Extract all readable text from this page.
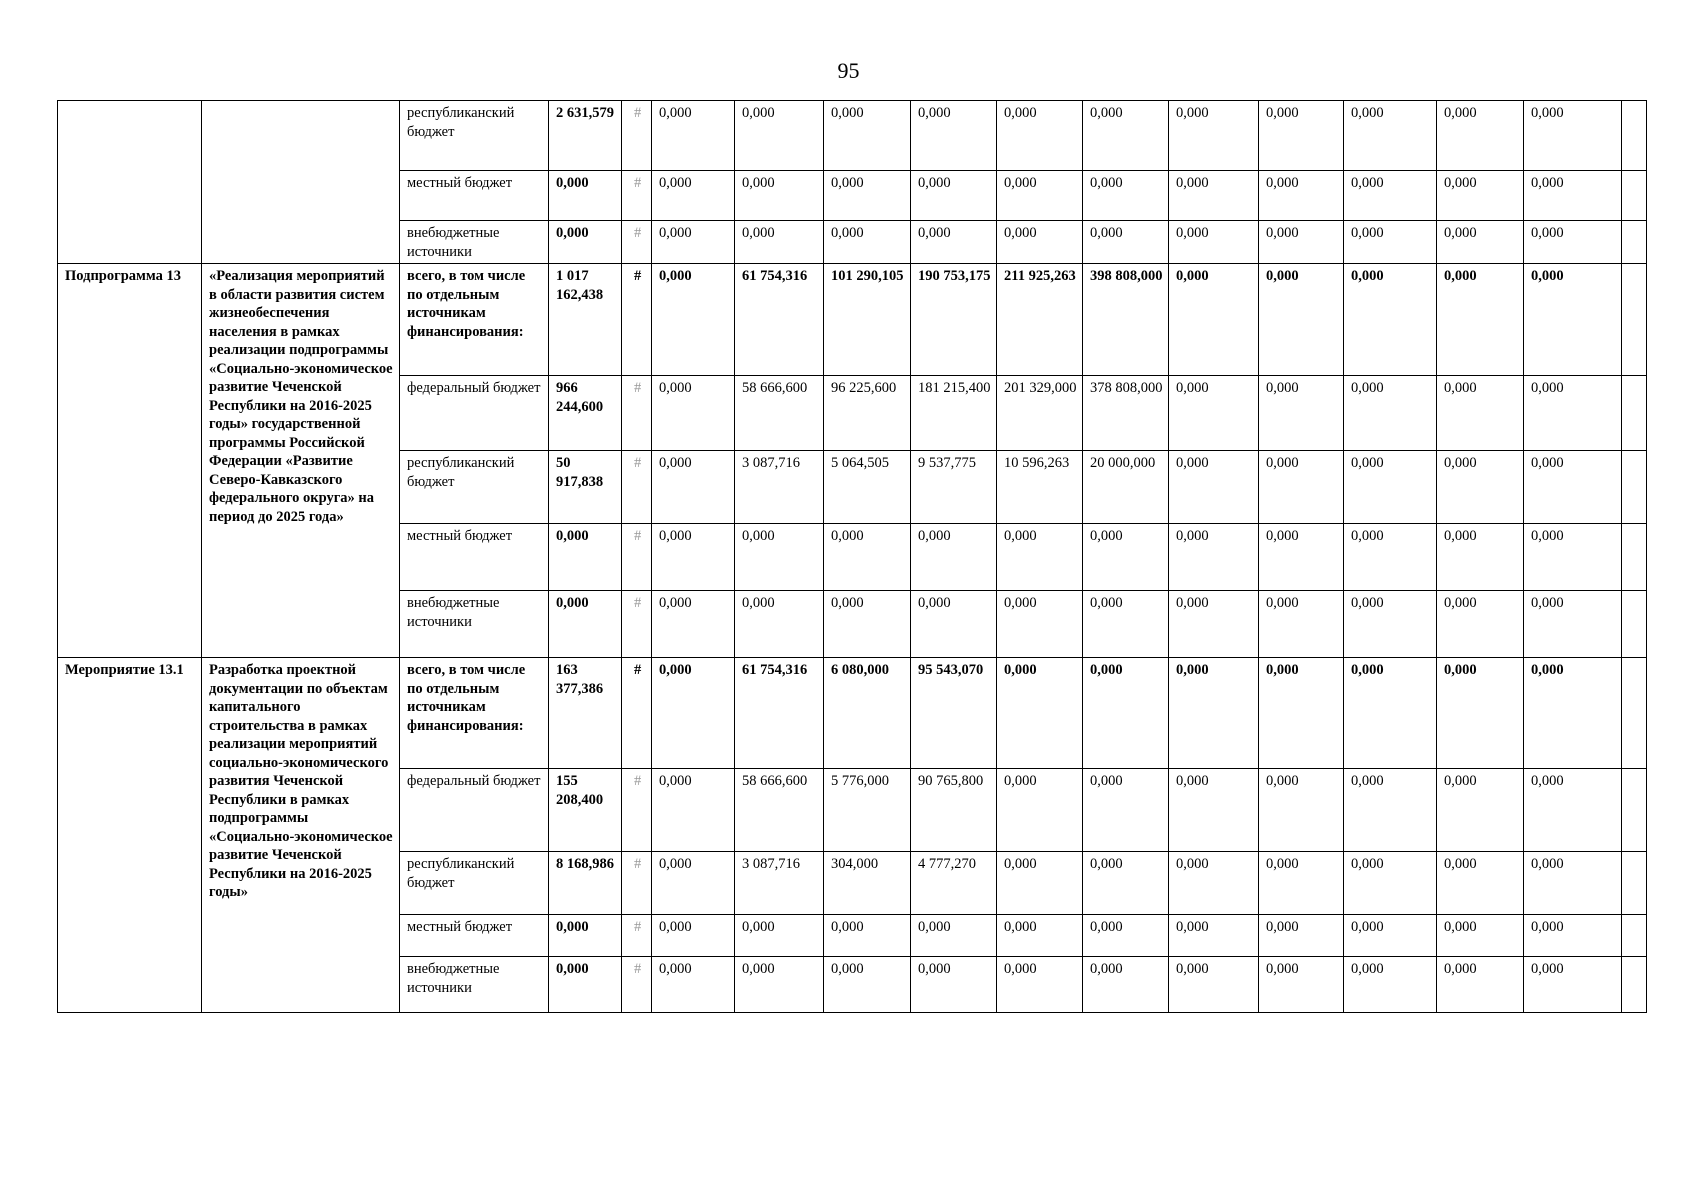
95
		республиканский бюджет	2 631,579	#	0,000	0,000	0,000	0,000	0,000	0,000	0,000	0,000	0,000	0,000	0,000	
		местный бюджет	0,000	#	0,000	0,000	0,000	0,000	0,000	0,000	0,000	0,000	0,000	0,000	0,000	
		внебюджетные источники	0,000	#	0,000	0,000	0,000	0,000	0,000	0,000	0,000	0,000	0,000	0,000	0,000	
Подпрограмма 13	«Реализация мероприятий в области развития систем жизнеобеспечения населения в рамках реализации подпрограммы «Социально-экономическое развитие Чеченской Республики на 2016-2025 годы» государственной программы Российской Федерации «Развитие Северо-Кавказского федерального округа» на период до 2025 года»	всего, в том числе по отдельным источникам финансирования:	1 017 162,438	#	0,000	61 754,316	101 290,105	190 753,175	211 925,263	398 808,000	0,000	0,000	0,000	0,000	0,000	
		федеральный бюджет	966 244,600	#	0,000	58 666,600	96 225,600	181 215,400	201 329,000	378 808,000	0,000	0,000	0,000	0,000	0,000	
		республиканский бюджет	50 917,838	#	0,000	3 087,716	5 064,505	9 537,775	10 596,263	20 000,000	0,000	0,000	0,000	0,000	0,000	
		местный бюджет	0,000	#	0,000	0,000	0,000	0,000	0,000	0,000	0,000	0,000	0,000	0,000	0,000	
		внебюджетные источники	0,000	#	0,000	0,000	0,000	0,000	0,000	0,000	0,000	0,000	0,000	0,000	0,000	
Мероприятие 13.1	Разработка проектной документации по объектам капитального строительства в рамках реализации мероприятий социально-экономического развития Чеченской Республики в рамках подпрограммы «Социально-экономическое развитие Чеченской Республики на 2016-2025 годы»	всего, в том числе по отдельным источникам финансирования:	163 377,386	#	0,000	61 754,316	6 080,000	95 543,070	0,000	0,000	0,000	0,000	0,000	0,000	0,000	
		федеральный бюджет	155 208,400	#	0,000	58 666,600	5 776,000	90 765,800	0,000	0,000	0,000	0,000	0,000	0,000	0,000	
		республиканский бюджет	8 168,986	#	0,000	3 087,716	304,000	4 777,270	0,000	0,000	0,000	0,000	0,000	0,000	0,000	
		местный бюджет	0,000	#	0,000	0,000	0,000	0,000	0,000	0,000	0,000	0,000	0,000	0,000	0,000	
		внебюджетные источники	0,000	#	0,000	0,000	0,000	0,000	0,000	0,000	0,000	0,000	0,000	0,000	0,000	
